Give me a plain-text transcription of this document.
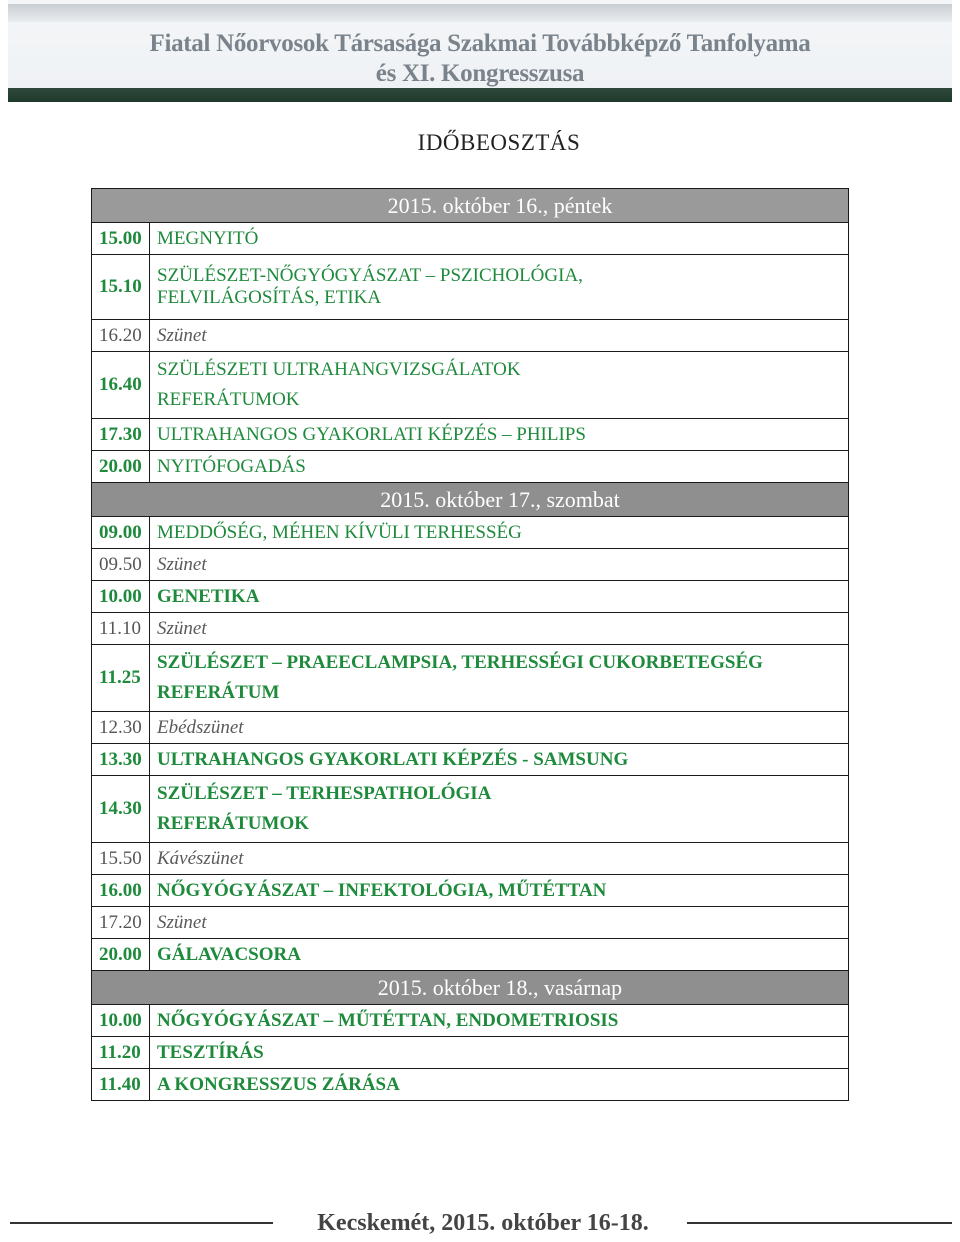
Fiatal Nőorvosok Társasága Szakmai Továbbképző Tanfolyama
és XI. Kongresszusa
IDŐBEOSZTÁS
2015. október 16., péntek	
15.00	MEGNYITÓ
15.10	SZÜLÉSZET-NŐGYÓGYÁSZAT – PSZICHOLÓGIA,
FELVILÁGOSÍTÁS, ETIKA

16.20	Szünet
16.40	SZÜLÉSZETI ULTRAHANGVIZSGÁLATOK
REFERÁTUMOK

17.30	ULTRAHANGOS GYAKORLATI KÉPZÉS – PHILIPS
20.00	NYITÓFOGADÁS
2015. október 17., szombat	
09.00	MEDDŐSÉG, MÉHEN KÍVÜLI TERHESSÉG
09.50	Szünet
10.00	GENETIKA
11.10	Szünet
11.25	SZÜLÉSZET – PRAEECLAMPSIA, TERHESSÉGI CUKORBETEGSÉG
REFERÁTUM

12.30	Ebédszünet
13.30	ULTRAHANGOS GYAKORLATI KÉPZÉS - SAMSUNG
14.30	SZÜLÉSZET – TERHESPATHOLÓGIA
REFERÁTUMOK

15.50	Kávészünet
16.00	NŐGYÓGYÁSZAT – INFEKTOLÓGIA, MŰTÉTTAN
17.20	Szünet
20.00	GÁLAVACSORA
2015. október 18., vasárnap	
10.00	NŐGYÓGYÁSZAT – MŰTÉTTAN, ENDOMETRIOSIS
11.20	TESZTÍRÁS
11.40	A KONGRESSZUS ZÁRÁSA
Kecskemét, 2015. október 16-18.
